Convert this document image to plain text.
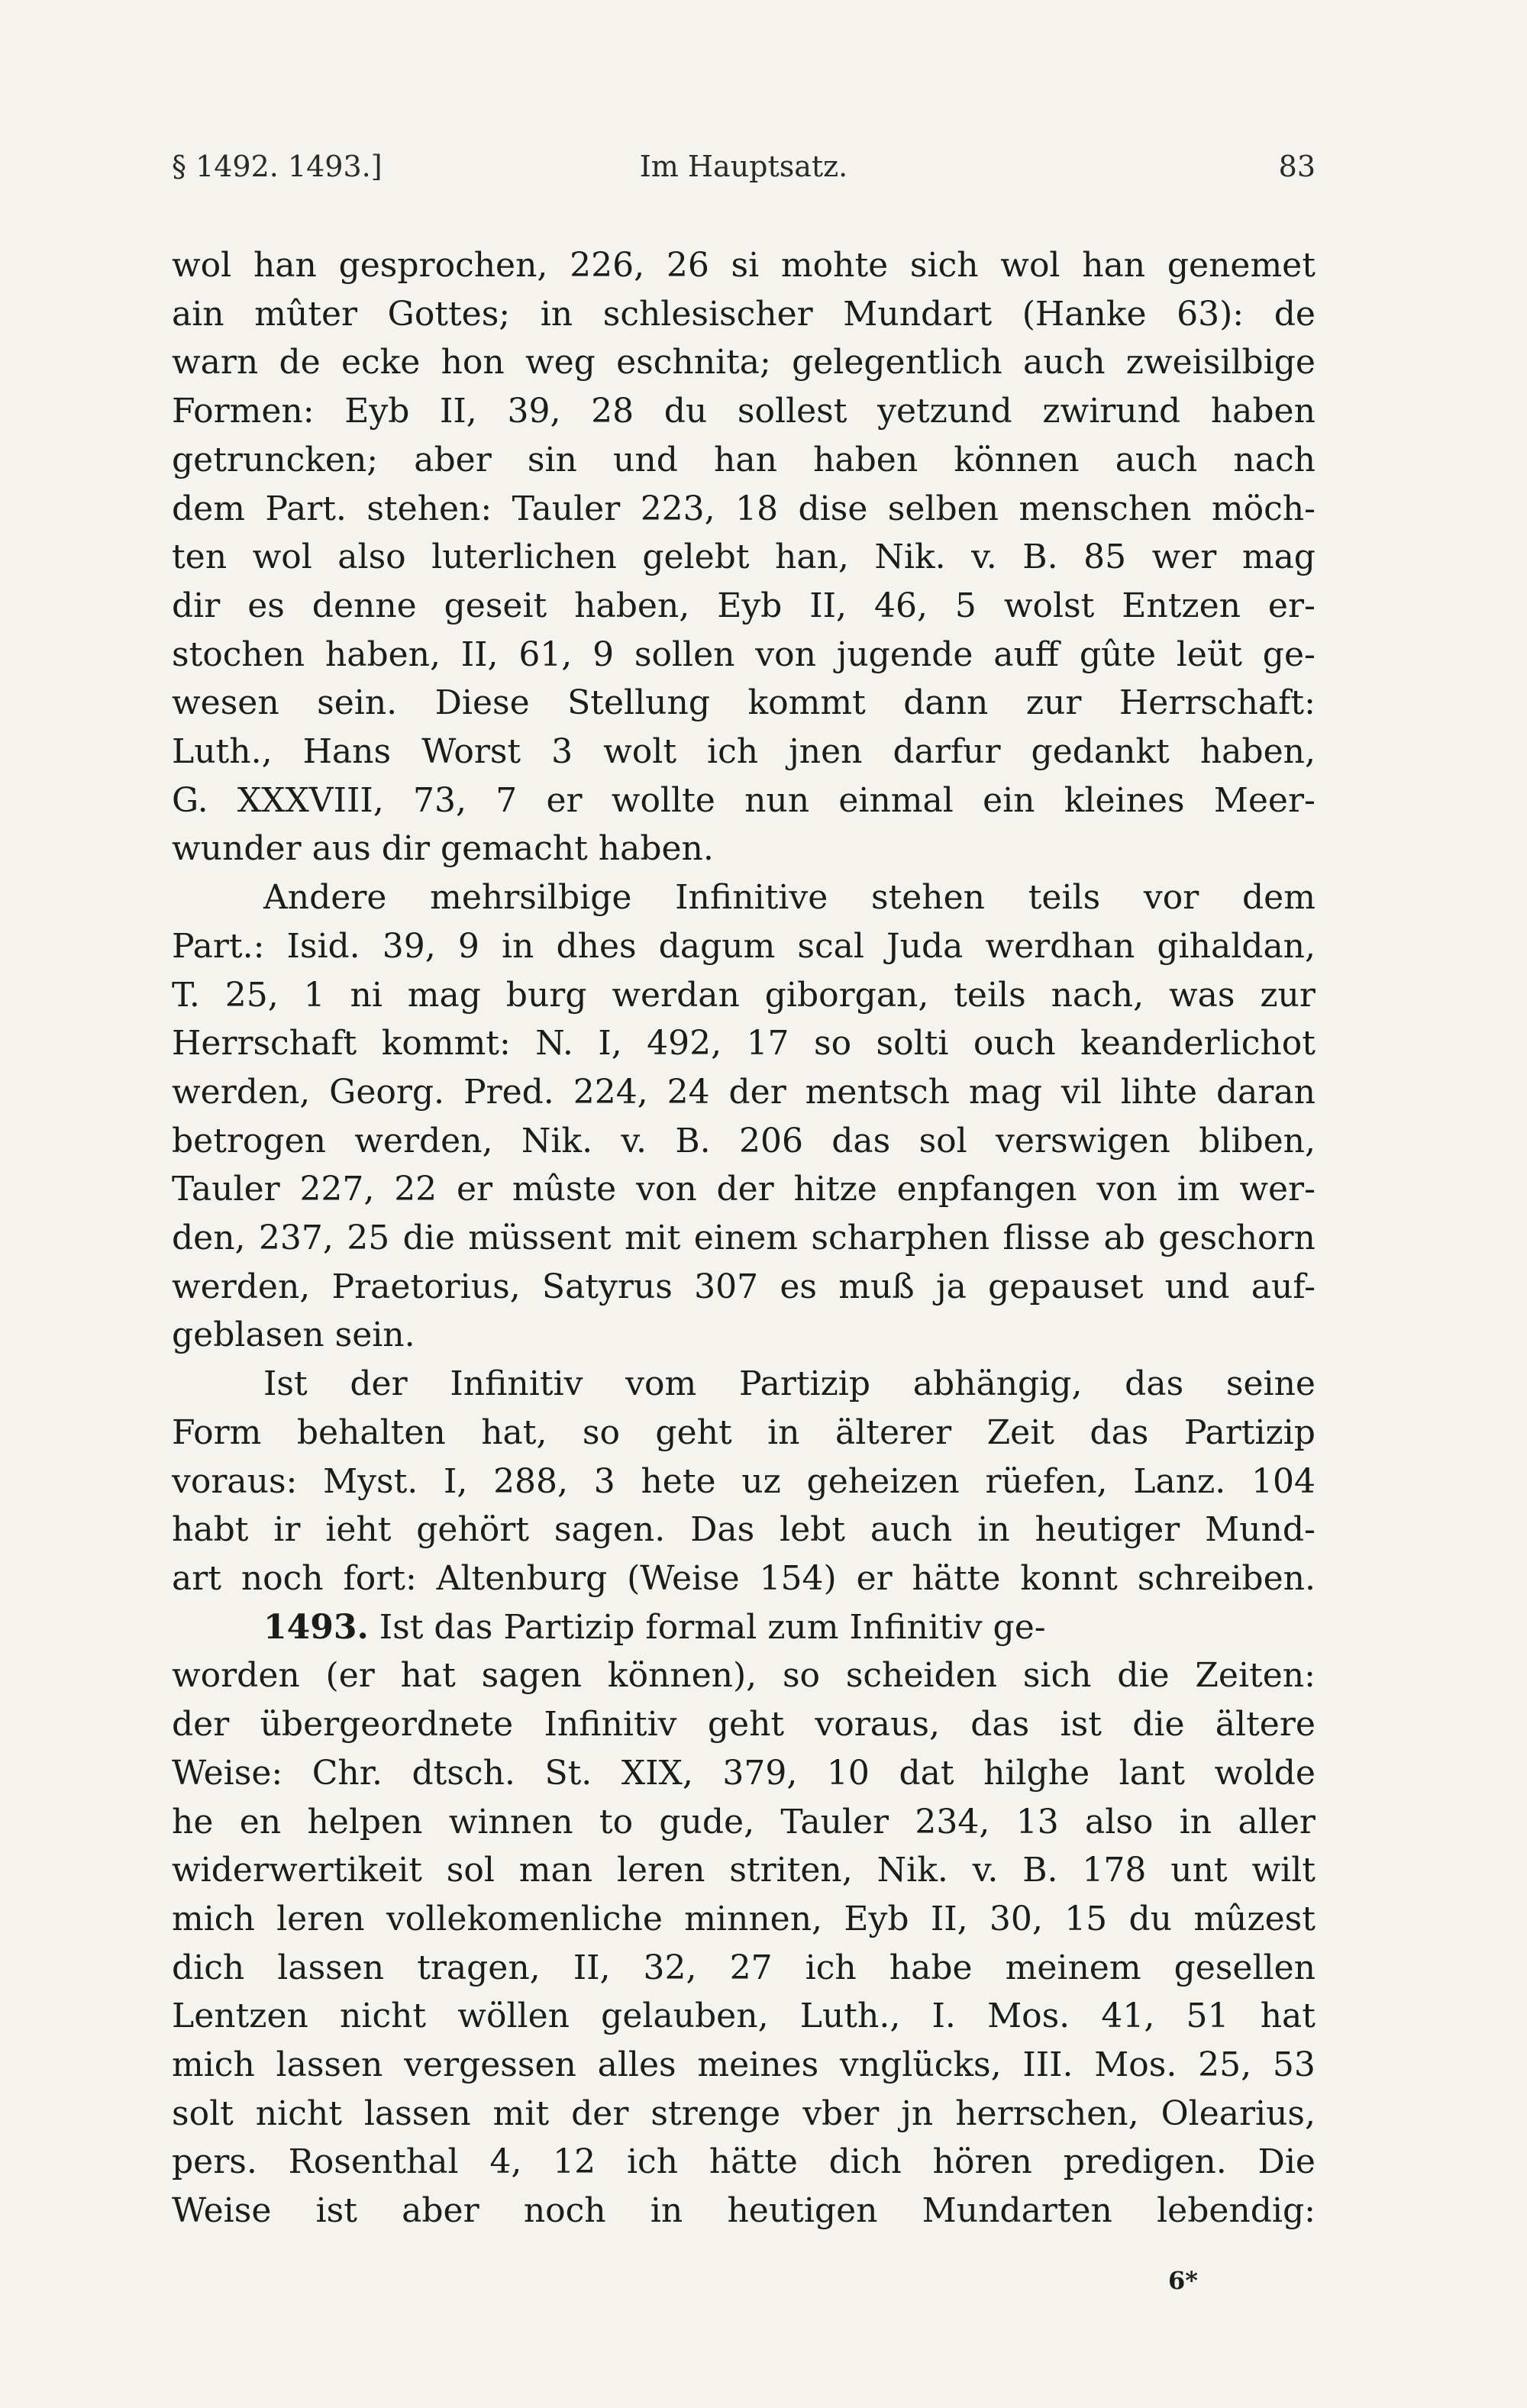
§ 1492. 1493.]	Im Hauptsatz.	83
wol han gesprochen, 226, 26 si mohte sich wol han genemet
ain mûter Gottes; in schlesischer Mundart (Hanke 63): de
warn de ecke hon weg eschnita; gelegentlich auch zweisilbige
Formen: Eyb II, 39, 28 du sollest yetzund zwirund haben
getruncken; aber sin und han haben können auch nach
dem Part. stehen: Tauler 223, 18 dise selben menschen möch-
ten wol also luterlichen gelebt han, Nik. v. B. 85 wer mag
dir es denne geseit haben, Eyb II, 46, 5 wolst Entzen er-
stochen haben, II, 61, 9 sollen von jugende auff gûte leüt ge-
wesen sein. Diese Stellung kommt dann zur Herrschaft:
Luth., Hans Worst 3 wolt ich jnen darfur gedankt haben,
G. XXXVIII, 73, 7 er wollte nun einmal ein kleines Meer-
wunder aus dir gemacht haben.
Andere mehrsilbige Infinitive stehen teils vor dem
Part.: Isid. 39, 9 in dhes dagum scal Juda werdhan gihaldan,
T. 25, 1 ni mag burg werdan giborgan, teils nach, was zur
Herrschaft kommt: N. I, 492, 17 so solti ouch keanderlichot
werden, Georg. Pred. 224, 24 der mentsch mag vil lihte daran
betrogen werden, Nik. v. B. 206 das sol verswigen bliben,
Tauler 227, 22 er mûste von der hitze enpfangen von im wer-
den, 237, 25 die müssent mit einem scharphen flisse ab geschorn
werden, Praetorius, Satyrus 307 es muß ja gepauset und auf-
geblasen sein.
Ist der Infinitiv vom Partizip abhängig, das seine
Form behalten hat, so geht in älterer Zeit das Partizip
voraus: Myst. I, 288, 3 hete uz geheizen rüefen, Lanz. 104
habt ir ieht gehört sagen. Das lebt auch in heutiger Mund-
art noch fort: Altenburg (Weise 154) er hätte konnt schreiben.
1493. Ist das Partizip formal zum Infinitiv ge-
worden (er hat sagen können), so scheiden sich die Zeiten:
der übergeordnete Infinitiv geht voraus, das ist die ältere
Weise: Chr. dtsch. St. XIX, 379, 10 dat hilghe lant wolde
he en helpen winnen to gude, Tauler 234, 13 also in aller
widerwertikeit sol man leren striten, Nik. v. B. 178 unt wilt
mich leren vollekomenliche minnen, Eyb II, 30, 15 du mûzest
dich lassen tragen, II, 32, 27 ich habe meinem gesellen
Lentzen nicht wöllen gelauben, Luth., I. Mos. 41, 51 hat
mich lassen vergessen alles meines vnglücks, III. Mos. 25, 53
solt nicht lassen mit der strenge vber jn herrschen, Olearius,
pers. Rosenthal 4, 12 ich hätte dich hören predigen. Die
Weise ist aber noch in heutigen Mundarten lebendig:
6*
